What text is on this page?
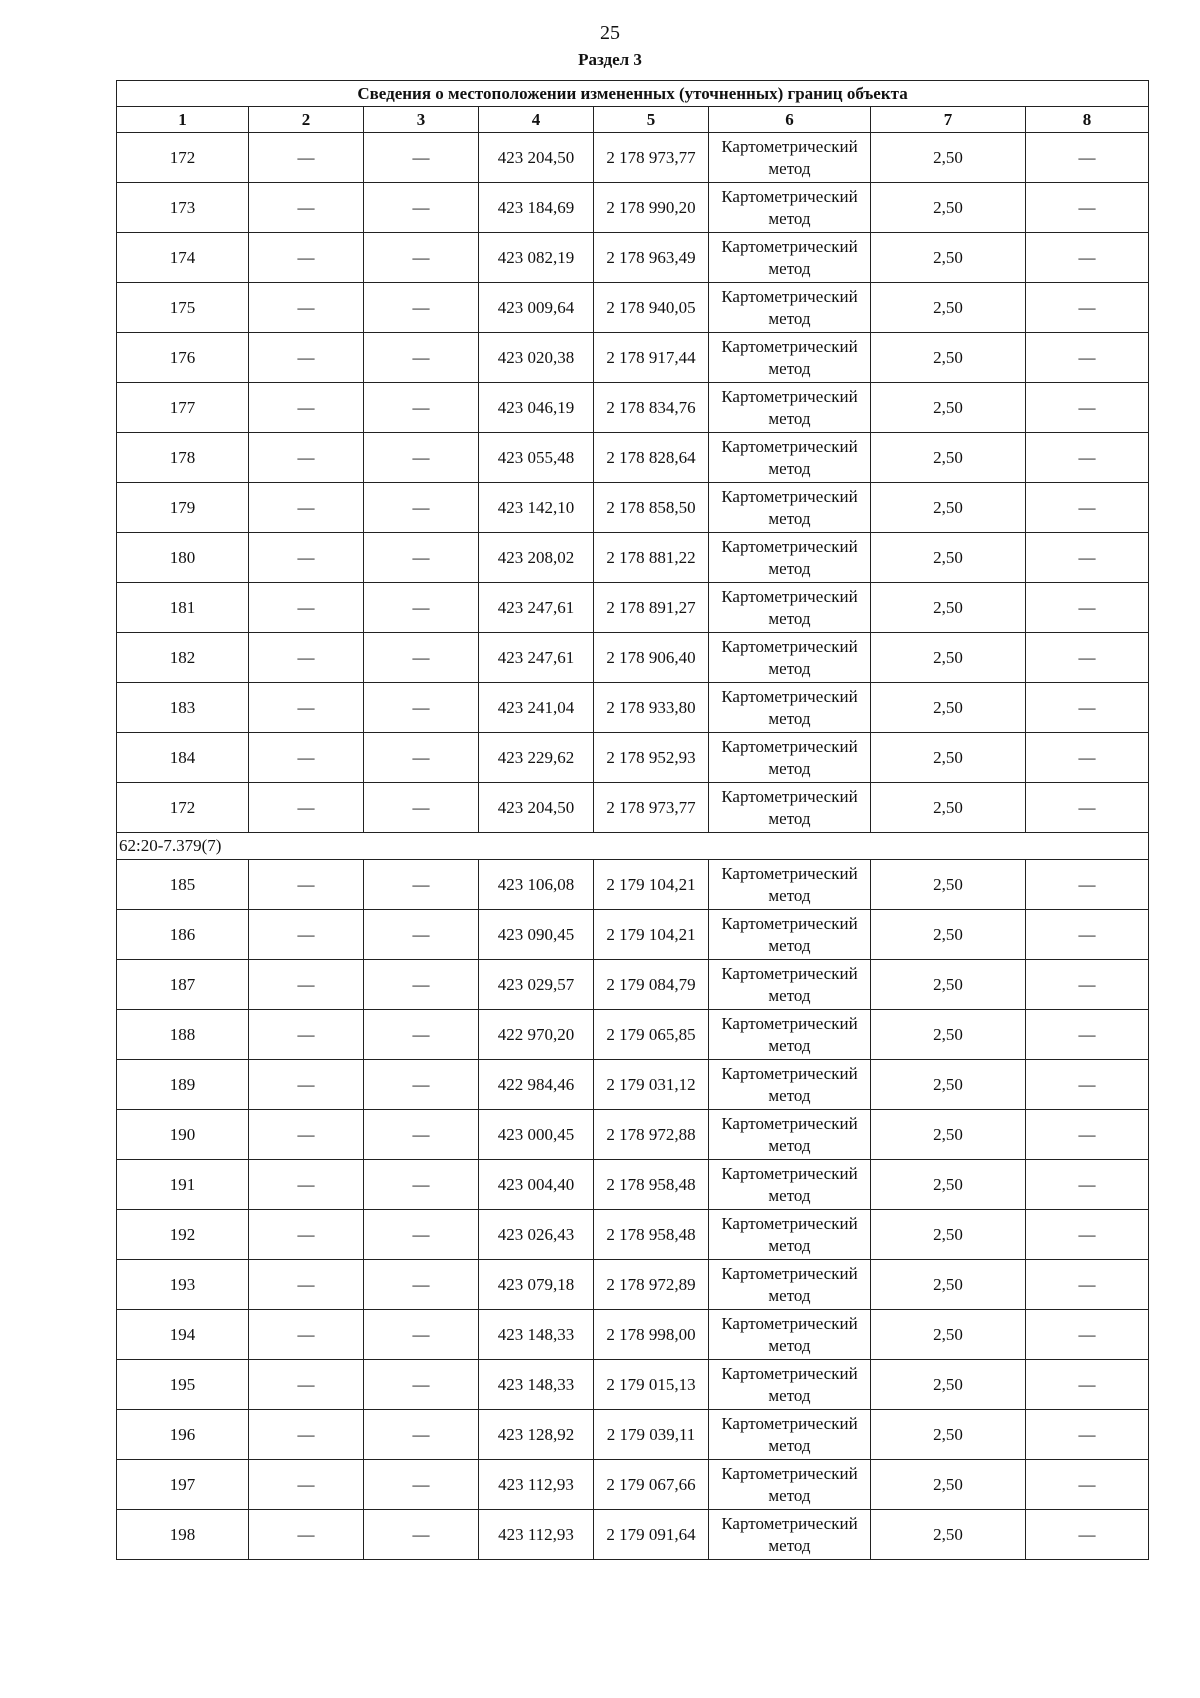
25
Раздел 3
Сведения о местоположении измененных (уточненных) границ объекта							
1	2	3	4	5	6	7	8
172	—	—	423 204,50	2 178 973,77	Картометрический метод	2,50	—
173	—	—	423 184,69	2 178 990,20	Картометрический метод	2,50	—
174	—	—	423 082,19	2 178 963,49	Картометрический метод	2,50	—
175	—	—	423 009,64	2 178 940,05	Картометрический метод	2,50	—
176	—	—	423 020,38	2 178 917,44	Картометрический метод	2,50	—
177	—	—	423 046,19	2 178 834,76	Картометрический метод	2,50	—
178	—	—	423 055,48	2 178 828,64	Картометрический метод	2,50	—
179	—	—	423 142,10	2 178 858,50	Картометрический метод	2,50	—
180	—	—	423 208,02	2 178 881,22	Картометрический метод	2,50	—
181	—	—	423 247,61	2 178 891,27	Картометрический метод	2,50	—
182	—	—	423 247,61	2 178 906,40	Картометрический метод	2,50	—
183	—	—	423 241,04	2 178 933,80	Картометрический метод	2,50	—
184	—	—	423 229,62	2 178 952,93	Картометрический метод	2,50	—
172	—	—	423 204,50	2 178 973,77	Картометрический метод	2,50	—
62:20-7.379(7)							
185	—	—	423 106,08	2 179 104,21	Картометрический метод	2,50	—
186	—	—	423 090,45	2 179 104,21	Картометрический метод	2,50	—
187	—	—	423 029,57	2 179 084,79	Картометрический метод	2,50	—
188	—	—	422 970,20	2 179 065,85	Картометрический метод	2,50	—
189	—	—	422 984,46	2 179 031,12	Картометрический метод	2,50	—
190	—	—	423 000,45	2 178 972,88	Картометрический метод	2,50	—
191	—	—	423 004,40	2 178 958,48	Картометрический метод	2,50	—
192	—	—	423 026,43	2 178 958,48	Картометрический метод	2,50	—
193	—	—	423 079,18	2 178 972,89	Картометрический метод	2,50	—
194	—	—	423 148,33	2 178 998,00	Картометрический метод	2,50	—
195	—	—	423 148,33	2 179 015,13	Картометрический метод	2,50	—
196	—	—	423 128,92	2 179 039,11	Картометрический метод	2,50	—
197	—	—	423 112,93	2 179 067,66	Картометрический метод	2,50	—
198	—	—	423 112,93	2 179 091,64	Картометрический метод	2,50	—
